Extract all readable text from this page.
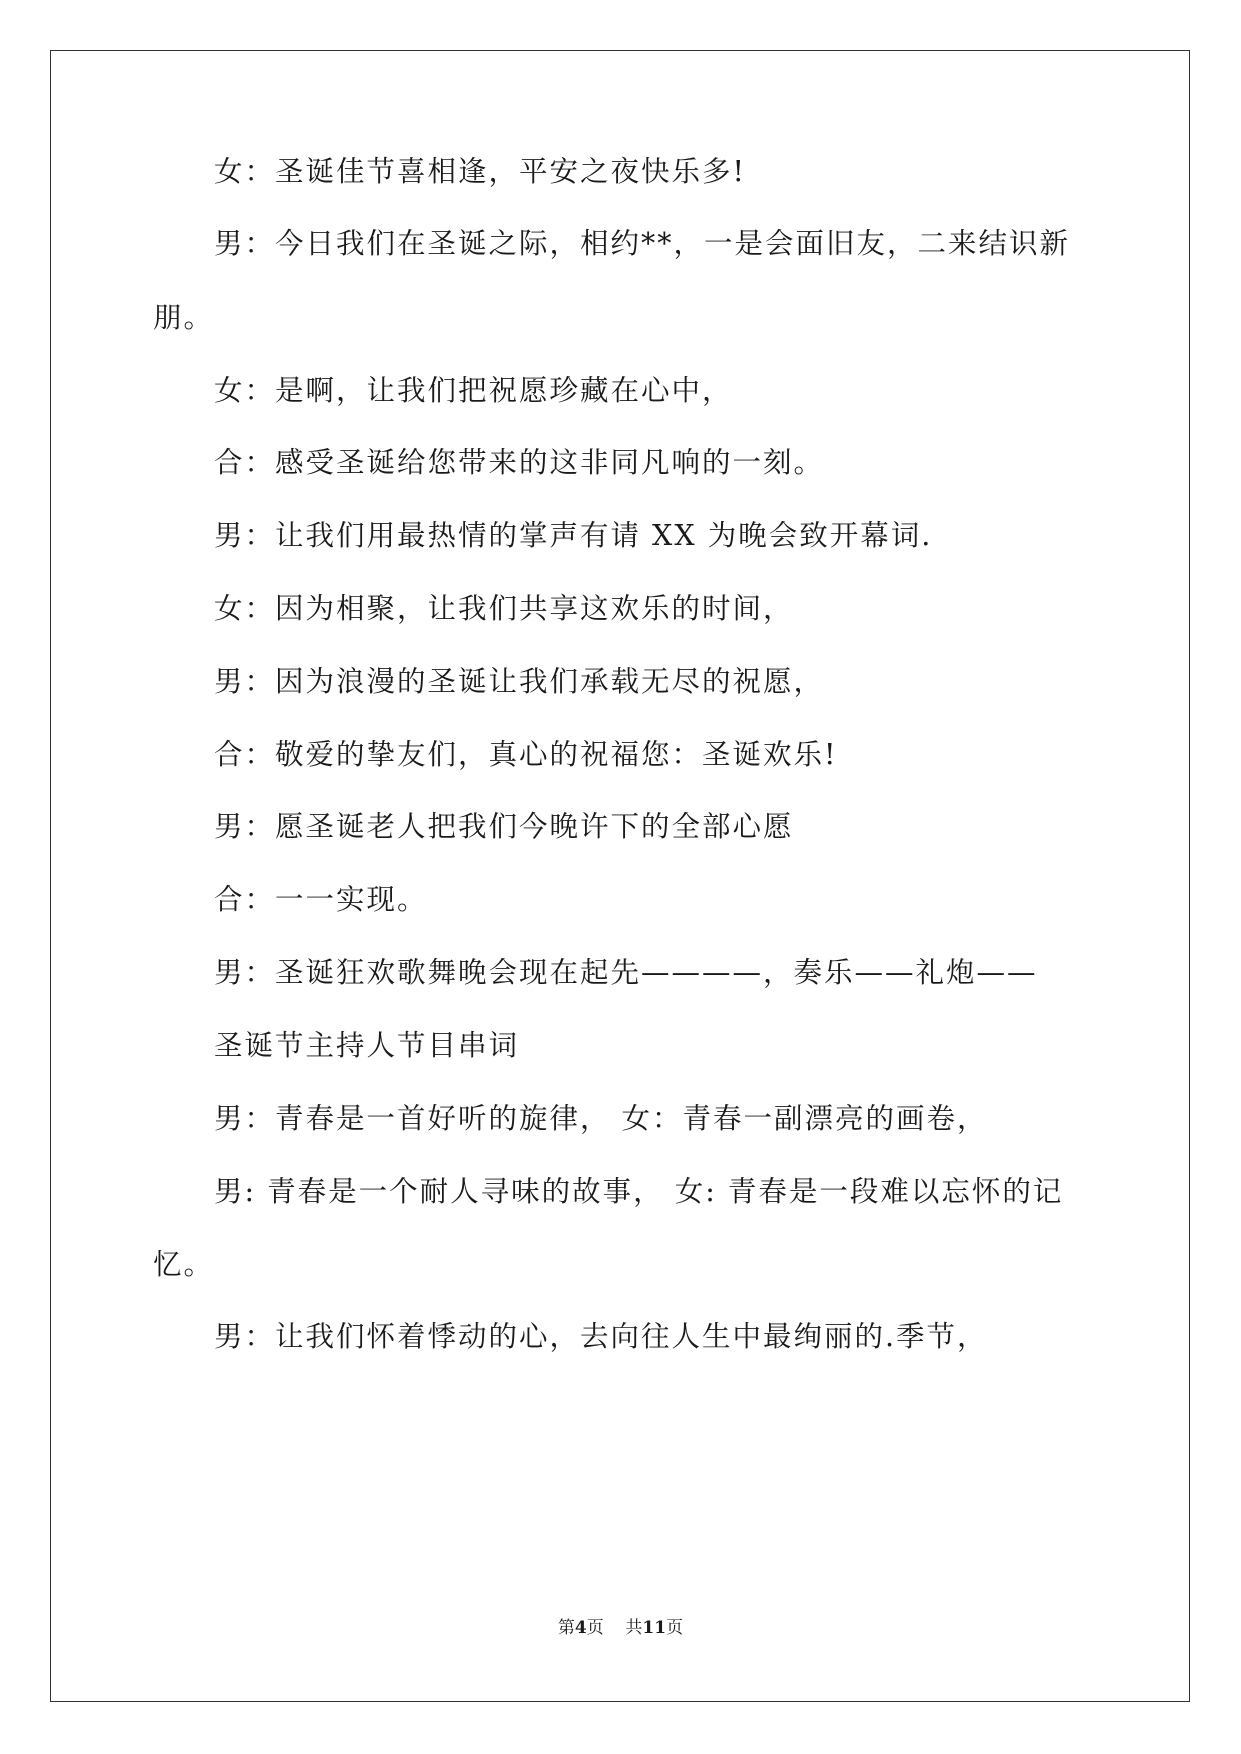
女：圣诞佳节喜相逢，平安之夜快乐多!
男：今日我们在圣诞之际，相约**，一是会面旧友，二来结识新
朋。
女：是啊，让我们把祝愿珍藏在心中，
合：感受圣诞给您带来的这非同凡响的一刻。
男：让我们用最热情的掌声有请 XX 为晚会致开幕词.
女：因为相聚，让我们共享这欢乐的时间，
男：因为浪漫的圣诞让我们承载无尽的祝愿，
合：敬爱的挚友们，真心的祝福您：圣诞欢乐!
男：愿圣诞老人把我们今晚许下的全部心愿
合：一一实现。
男：圣诞狂欢歌舞晚会现在起先————，奏乐——礼炮——
圣诞节主持人节目串词
男：青春是一首好听的旋律， 女：青春一副漂亮的画卷，
男: 青春是一个耐人寻味的故事， 女: 青春是一段难以忘怀的记
忆。
男：让我们怀着悸动的心，去向往人生中最绚丽的.季节，
第4页    共11页
